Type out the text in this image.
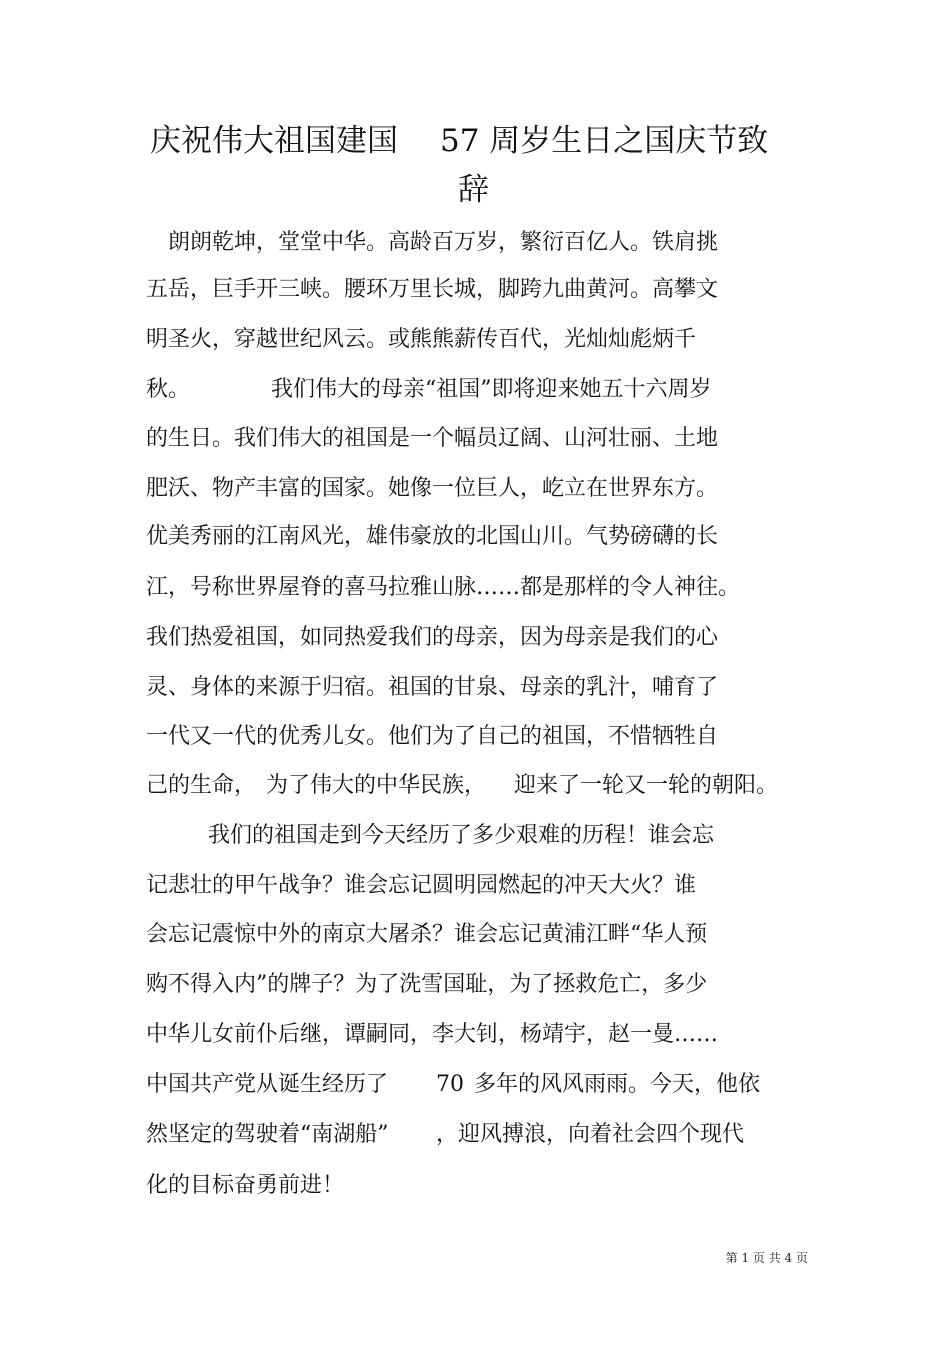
庆祝伟大祖国建国 57 周岁生日之国庆节致
辞
朗朗乾坤，堂堂中华。高龄百万岁，繁衍百亿人。铁肩挑
五岳，巨手开三峡。腰环万里长城，脚跨九曲黄河。高攀文
明圣火，穿越世纪风云。或熊熊薪传百代，光灿灿彪炳千
秋。	我们伟大的母亲“祖国”即将迎来她五十六周岁
的生日。我们伟大的祖国是一个幅员辽阔、山河壮丽、土地
肥沃、物产丰富的国家。她像一位巨人，屹立在世界东方。
优美秀丽的江南风光，雄伟豪放的北国山川。气势磅礴的长
江，号称世界屋脊的喜马拉雅山脉……都是那样的令人神往。
我们热爱祖国，如同热爱我们的母亲，因为母亲是我们的心
灵、身体的来源于归宿。祖国的甘泉、母亲的乳汁，哺育了
一代又一代的优秀儿女。他们为了自己的祖国，不惜牺牲自
己的生命， 为了伟大的中华民族， 迎来了一轮又一轮的朝阳。
我们的祖国走到今天经历了多少艰难的历程！谁会忘
记悲壮的甲午战争？谁会忘记圆明园燃起的冲天大火？谁
会忘记震惊中外的南京大屠杀？谁会忘记黄浦江畔“华人预
购不得入内”的牌子？为了洗雪国耻，为了拯救危亡，多少
中华儿女前仆后继，谭嗣同，李大钊，杨靖宇，赵一曼……
中国共产党从诞生经历了 70 多年的风风雨雨。今天，他依
然坚定的驾驶着“南湖船” ，迎风搏浪，向着社会四个现代
化的目标奋勇前进！
第 1 页 共 4 页
